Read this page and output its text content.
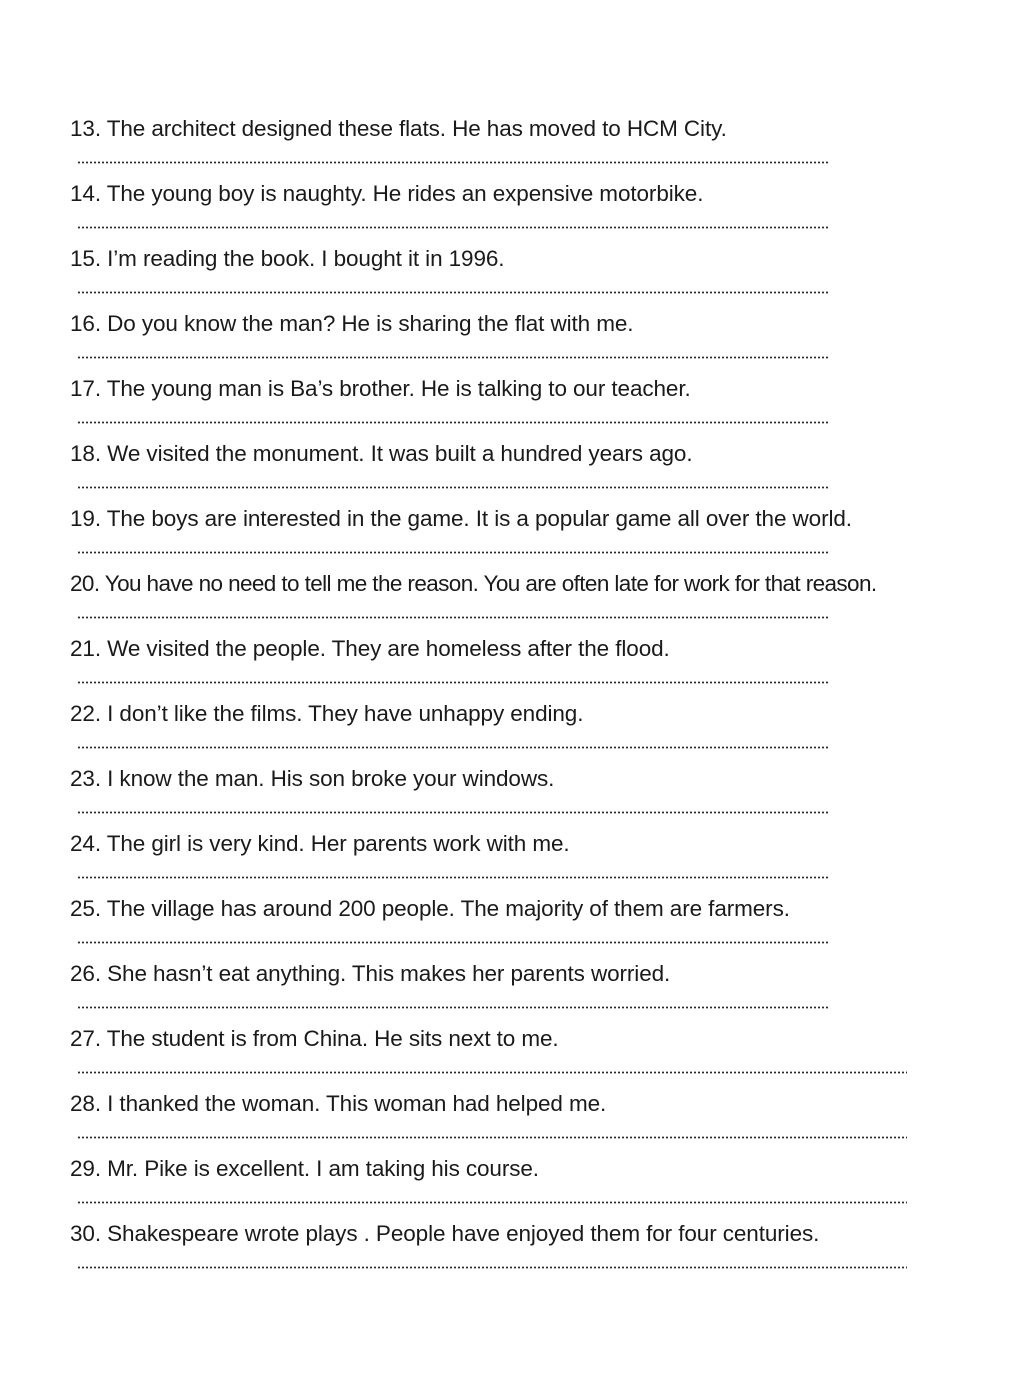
13. The architect designed these flats. He has moved to HCM City.
14. The young boy is naughty. He rides an expensive motorbike.
15. I’m reading the book. I bought it in 1996.
16. Do you know the man? He is sharing the flat with me.
17. The young man is Ba’s brother. He is talking to our teacher.
18. We visited the monument. It was built a hundred years ago.
19. The boys are interested in the game. It is a popular game all over the world.
20. You have no need to tell me the reason. You are often late for work for that reason.
21. We visited the people. They are homeless after the flood.
22. I don’t like the films. They have unhappy ending.
23. I know the man. His son broke your windows.
24. The girl is very kind. Her parents work with me.
25. The village has around 200 people. The majority of them are farmers.
26. She hasn’t eat anything. This makes her parents worried.
27. The student is from China. He sits next to me.
28. I thanked the woman. This woman had helped me.
29. Mr. Pike is excellent. I am taking his course.
30. Shakespeare wrote plays . People have enjoyed them for four centuries.
